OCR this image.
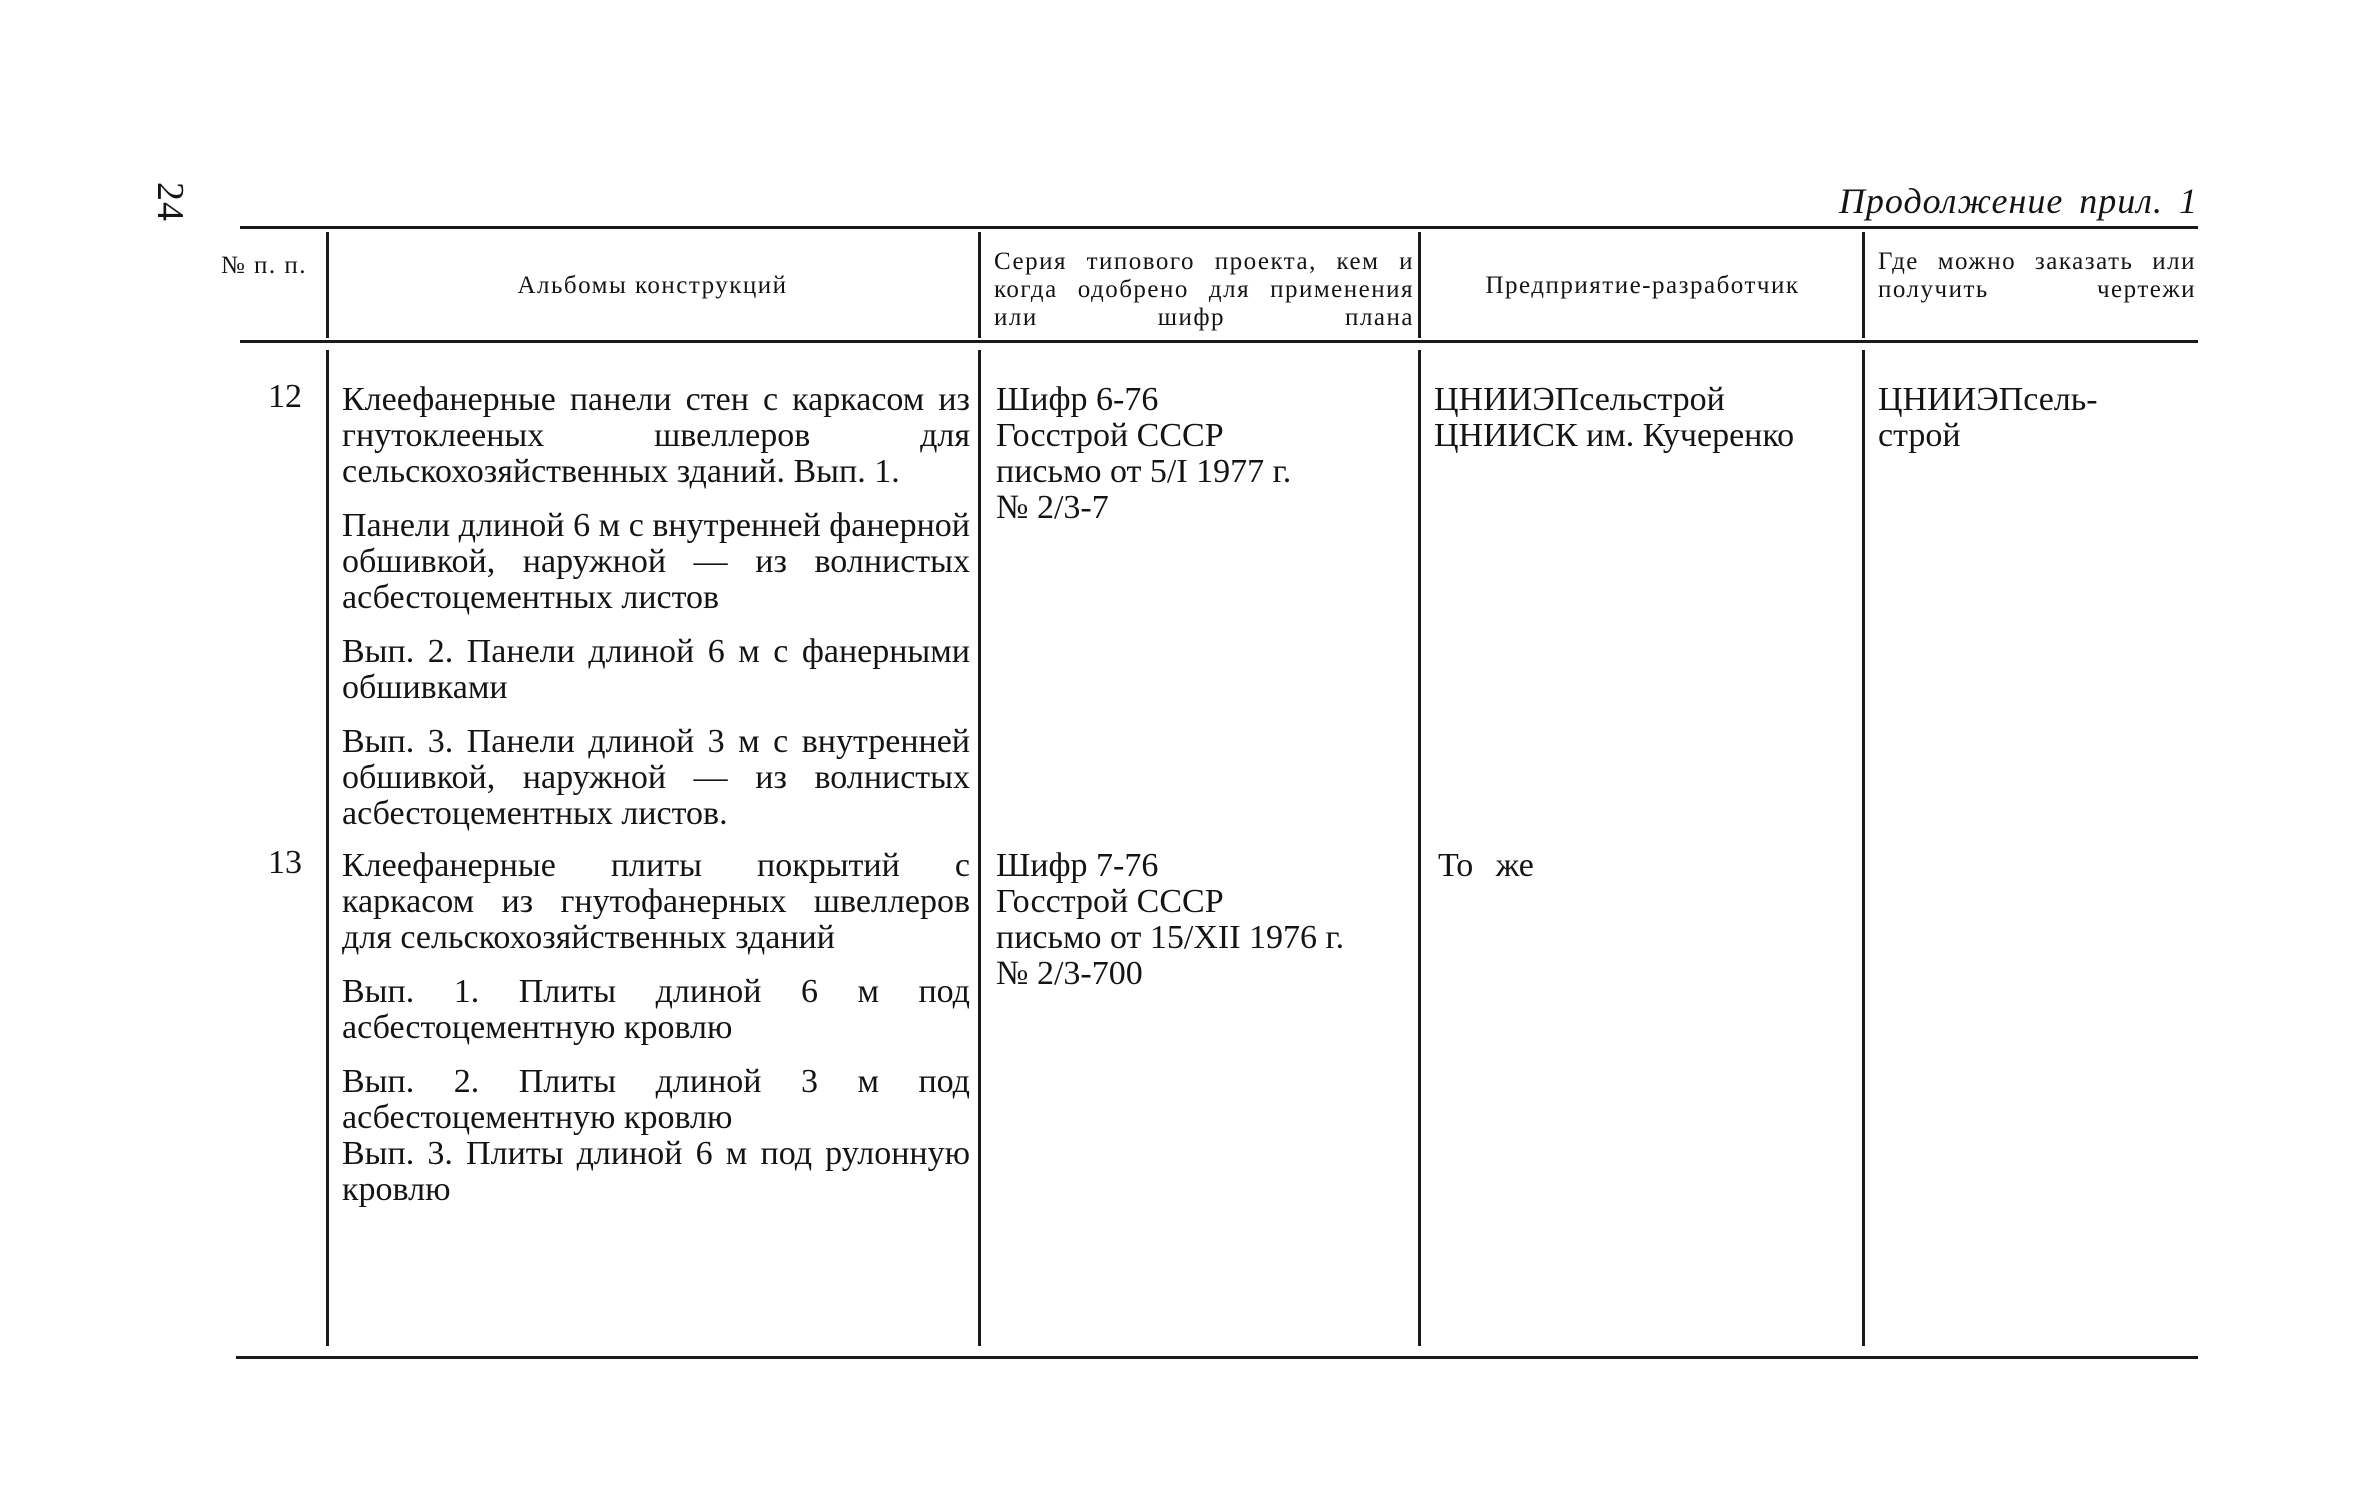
24	Продолжение прил. 1
№ п. п.
Альбомы конструкций
Серия типового проекта, кем и когда одобрено для применения или шифр плана
Предприятие-разработчик
Где можно заказать или получить чертежи
12 Клеефанерные панели стен с каркасом из гнутоклееных швеллеров для сельскохозяйственных зданий. Вып. 1.

Панели длиной 6 м с внутренней фанерной обшивкой, наружной — из волнистых асбестоцементных листов

Вып. 2. Панели длиной 6 м с фанерными обшивками

Вып. 3. Панели длиной 3 м с внутренней обшивкой, наружной — из волнистых асбестоцементных листов.

Шифр 6-76
Госстрой СССР
письмо от 5/I 1977 г.
№ 2/3-7
ЦНИИЭПсельстрой
ЦНИИСК им. Кучеренко
ЦНИИЭПсель-
строй
13 Клеефанерные плиты покрытий с каркасом из гнутофанерных швеллеров для сельскохозяйственных зданий

Вып. 1. Плиты длиной 6 м под асбестоцементную кровлю

Вып. 2. Плиты длиной 3 м под асбестоцементную кровлю

Вып. 3. Плиты длиной 6 м под рулонную кровлю

Шифр 7-76
Госстрой СССР
письмо от 15/XII 1976 г.
№ 2/3-700
То же
